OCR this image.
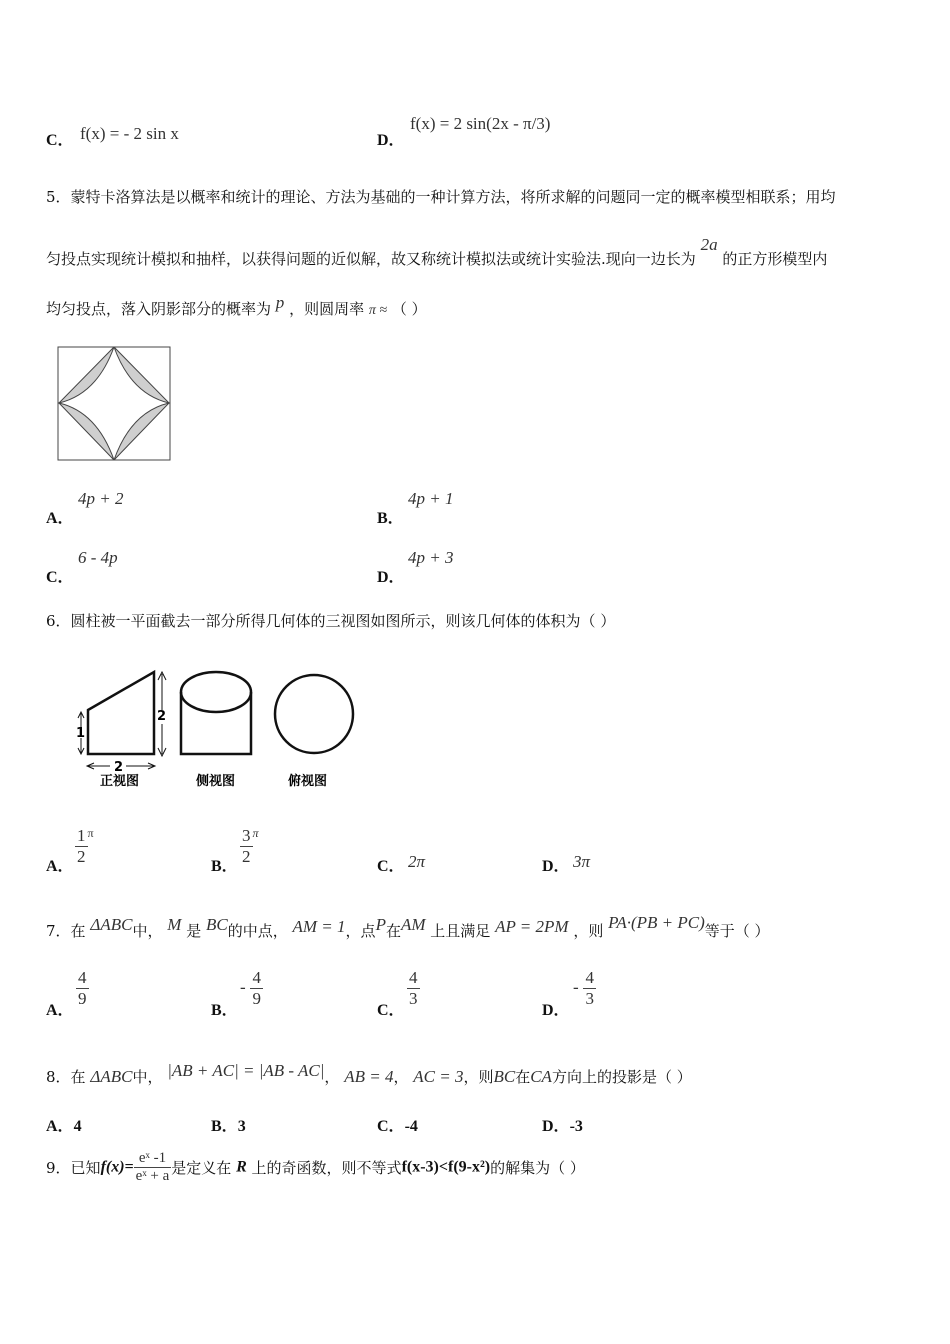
C． f(x) = - 2 sin x	D．
f(x) = 2 sin(2x - π/3)
5．蒙特卡洛算法是以概率和统计的理论、方法为基础的一种计算方法，将所求解的问题同一定的概率模型相联系；用均
匀投点实现统计模拟和抽样，以获得问题的近似解，故又称统计模拟法或统计实验法.现向一边长为 2a 的正方形模型内
均匀投点，落入阴影部分的概率为 p ，则圆周率 π ≈ （ ）
A．
4p + 2
B．
4p + 1
C．
6 - 4p
D．
4p + 3
6．圆柱被一平面截去一部分所得几何体的三视图如图所示，则该几何体的体积为（ ）
2
1
2
正视图	侧视图	俯视图
A． $\frac{1}{2} ^\pi$
B． $\frac{3}{2} ^\pi$
C． 2π	D． 3π
7．在 ΔABC中， M 是 BC的中点， AM = 1，点P在AM 上且满足 AP = 2PM ，则 PA·(PB + PC)等于（ ）
A．
$\frac{4}{9}$
B．
- $\frac{4}{9}$
C．
$\frac{4}{3}$
D．
- $\frac{4}{3}$
8．在 ΔABC中， |AB + AC| = |AB - AC|， AB = 4， AC = 3，则BC在CA方向上的投影是（ ）
A．4	B．3	C．-4	D．-3
9．已知$f(x)= \frac{\text{eˣ -1}}{\text{eˣ + a}}$ 是定义在 R 上的奇函数，则不等式f(x-3)<f(9-x²)的解集为（ ）
